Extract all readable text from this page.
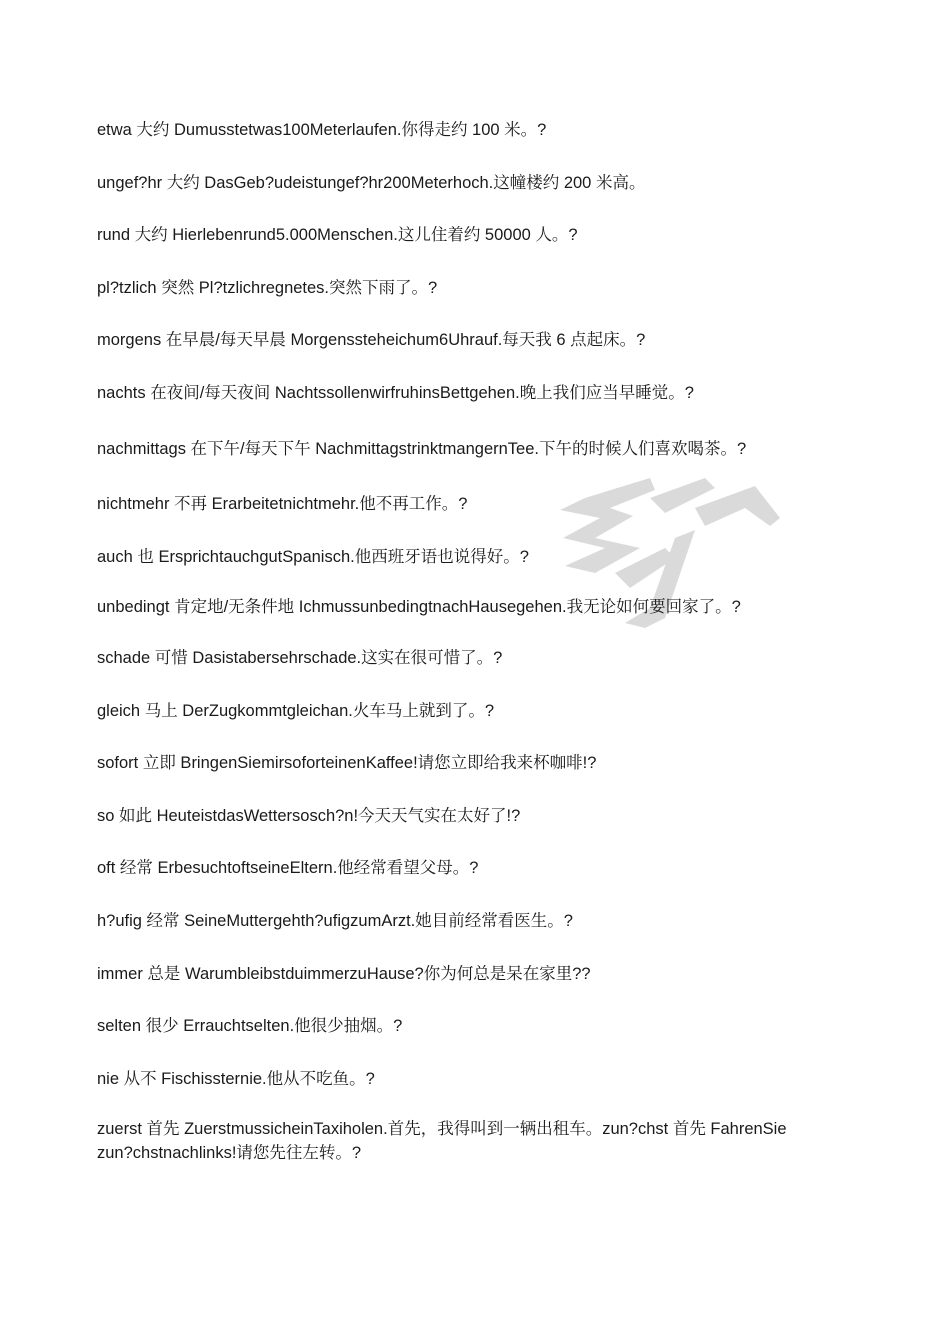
etwa 大约 Dumusstetwas100Meterlaufen.你得走约 100 米。?

ungef?hr 大约 DasGeb?udeistungef?hr200Meterhoch.这幢楼约 200 米高。

rund 大约 Hierlebenrund5.000Menschen.这儿住着约 50000 人。?

pl?tzlich 突然 Pl?tzlichregnetes.突然下雨了。?

morgens 在早晨/每天早晨 Morgenssteheichum6Uhrauf.每天我 6 点起床。?

nachts 在夜间/每天夜间 NachtssollenwirfruhinsBettgehen.晚上我们应当早睡觉。?

nachmittags 在下午/每天下午 NachmittagstrinktmangernTee.下午的时候人们喜欢喝茶。?

nichtmehr 不再 Erarbeitetnichtmehr.他不再工作。?

auch 也 ErsprichtauchgutSpanisch.他西班牙语也说得好。?

unbedingt 肯定地/无条件地 IchmussunbedingtnachHausegehen.我无论如何要回家了。?

schade 可惜 Dasistabersehrschade.这实在很可惜了。?

gleich 马上 DerZugkommtgleichan.火车马上就到了。?

sofort 立即 BringenSiemirsoforteinenKaffee!请您立即给我来杯咖啡!?

so 如此 HeuteistdasWettersosch?n!今天天气实在太好了!?

oft 经常 ErbesuchtoftseineEltern.他经常看望父母。?

h?ufig 经常 SeineMuttergehth?ufigzumArzt.她目前经常看医生。?

immer 总是 WarumbleibstduimmerzuHause?你为何总是呆在家里??

selten 很少 Errauchtselten.他很少抽烟。?

nie 从不 Fischissternie.他从不吃鱼。?

zuerst 首先 ZuerstmussicheinTaxiholen.首先，我得叫到一辆出租车。zun?chst 首先 FahrenSiezun?chstnachlinks!请您先往左转。?
